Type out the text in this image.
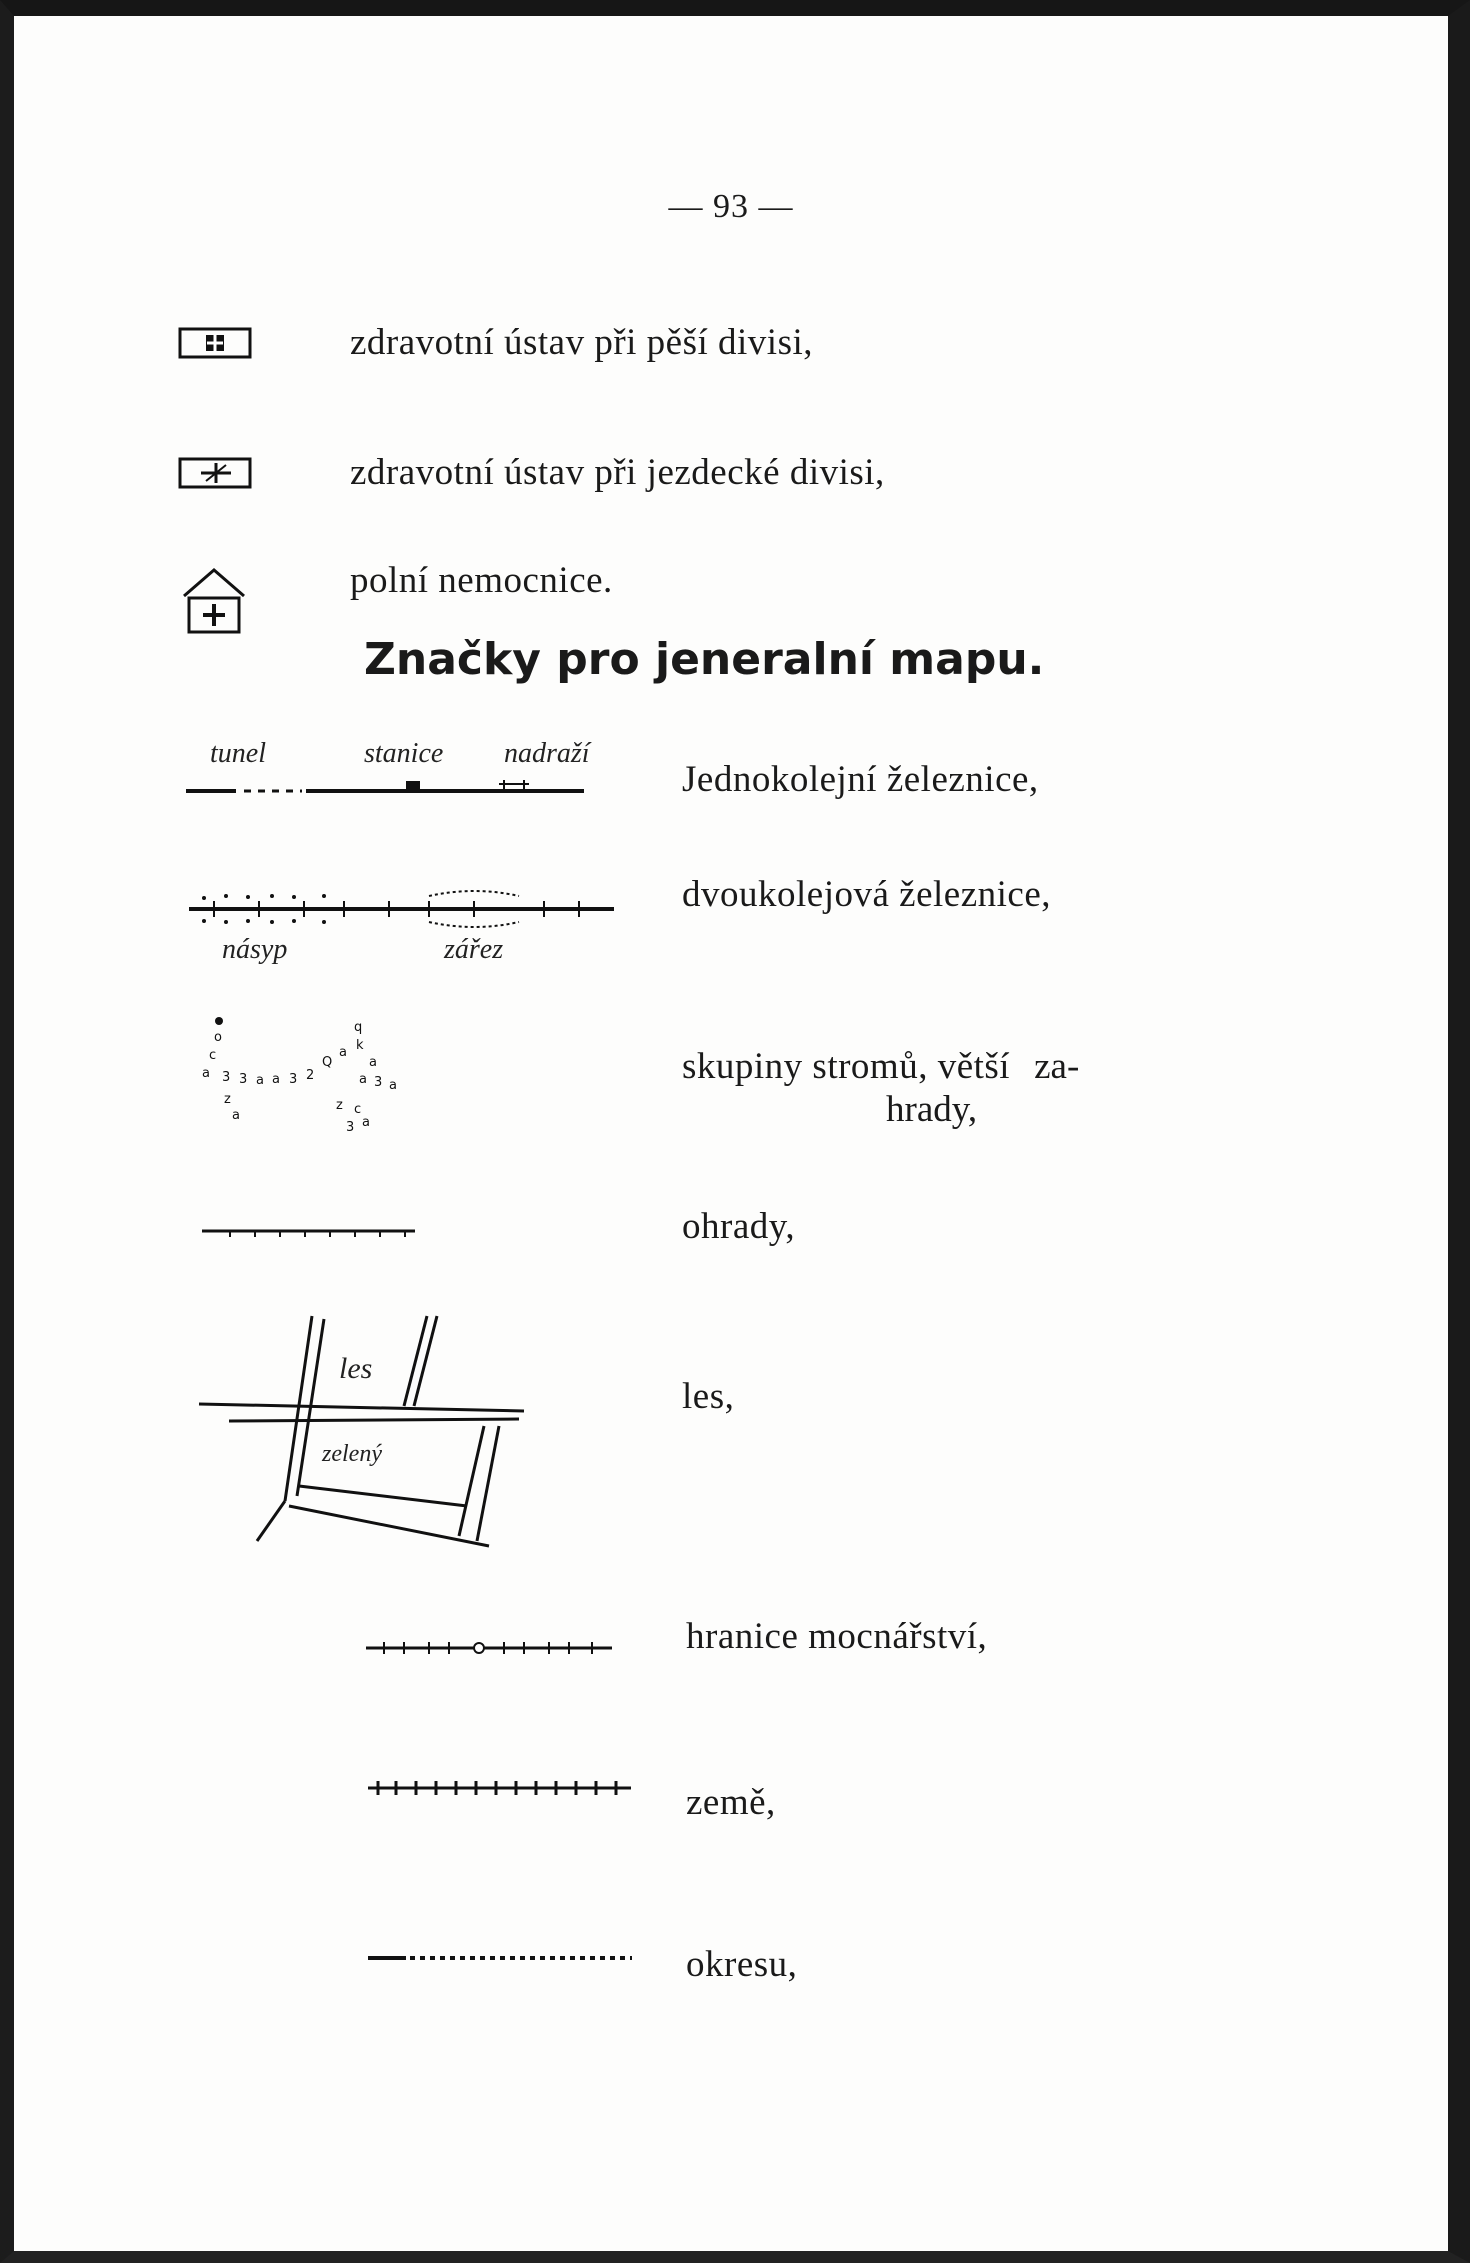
— 93 —
zdravotní ústav při pěší divisi,
zdravotní ústav při jezdecké divisi,
polní nemocnice.
Značky pro jeneralní mapu.
tunel	stanice nadraží
Jednokolejní železnice,
násyp	zářez
dvoukolejová železnice,
o
c
a 3 3 a a 3 2
Q
a
q
k
a
a 3 a
z
a
z c
a
3
skupiny stromů, větší za-
hrady,
ohrady,
les
zelený
les,
hranice mocnářství,
země,
okresu,
